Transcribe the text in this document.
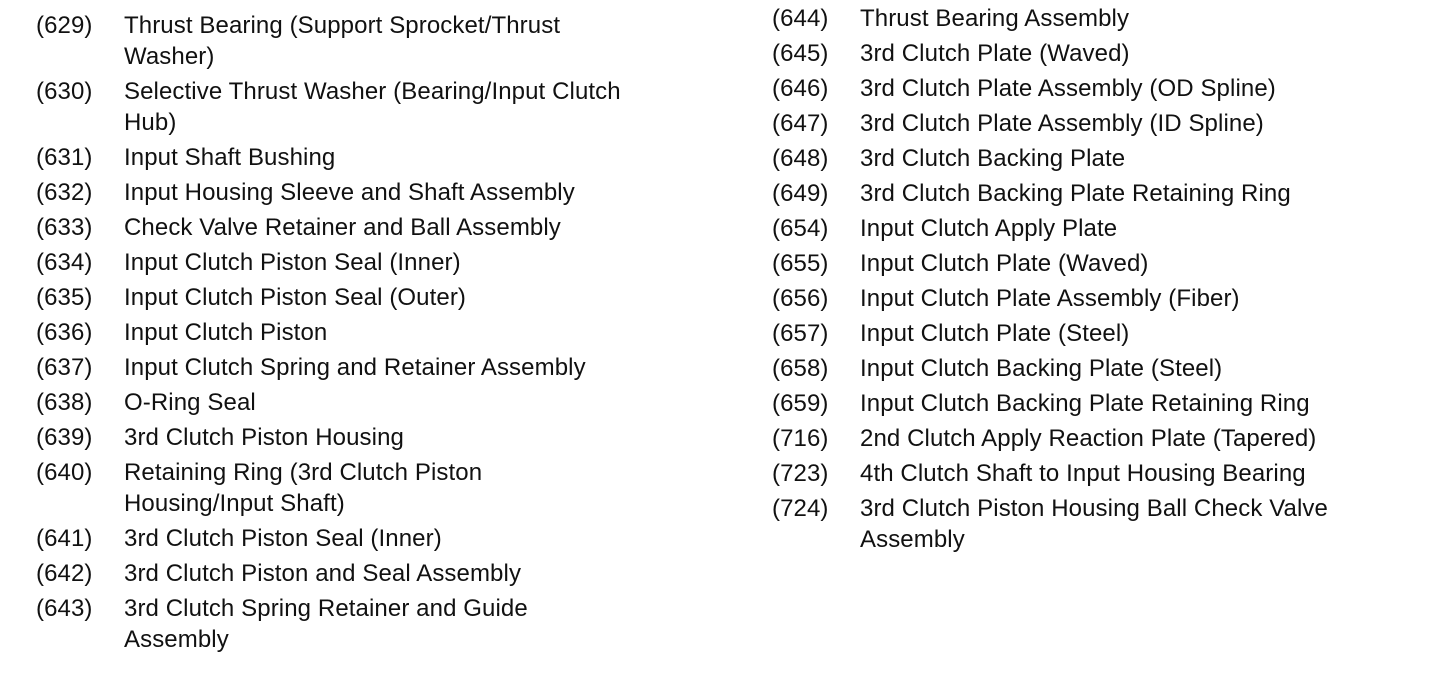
(629)	Thrust Bearing (Support Sprocket/Thrust Washer)
(630)	Selective Thrust Washer (Bearing/Input Clutch Hub)
(631)	Input Shaft Bushing
(632)	Input Housing Sleeve and Shaft Assembly
(633)	Check Valve Retainer and Ball Assembly
(634)	Input Clutch Piston Seal (Inner)
(635)	Input Clutch Piston Seal (Outer)
(636)	Input Clutch Piston
(637)	Input Clutch Spring and Retainer Assembly
(638)	O-Ring Seal
(639)	3rd Clutch Piston Housing
(640)	Retaining Ring (3rd Clutch Piston Housing/Input Shaft)
(641)	3rd Clutch Piston Seal (Inner)
(642)	3rd Clutch Piston and Seal Assembly
(643)	3rd Clutch Spring Retainer and Guide Assembly
(644)	Thrust Bearing Assembly
(645)	3rd Clutch Plate (Waved)
(646)	3rd Clutch Plate Assembly (OD Spline)
(647)	3rd Clutch Plate Assembly (ID Spline)
(648)	3rd Clutch Backing Plate
(649)	3rd Clutch Backing Plate Retaining Ring
(654)	Input Clutch Apply Plate
(655)	Input Clutch Plate (Waved)
(656)	Input Clutch Plate Assembly (Fiber)
(657)	Input Clutch Plate (Steel)
(658)	Input Clutch Backing Plate (Steel)
(659)	Input Clutch Backing Plate Retaining Ring
(716)	2nd Clutch Apply Reaction Plate (Tapered)
(723)	4th Clutch Shaft to Input Housing Bearing
(724)	3rd Clutch Piston Housing Ball Check Valve Assembly
